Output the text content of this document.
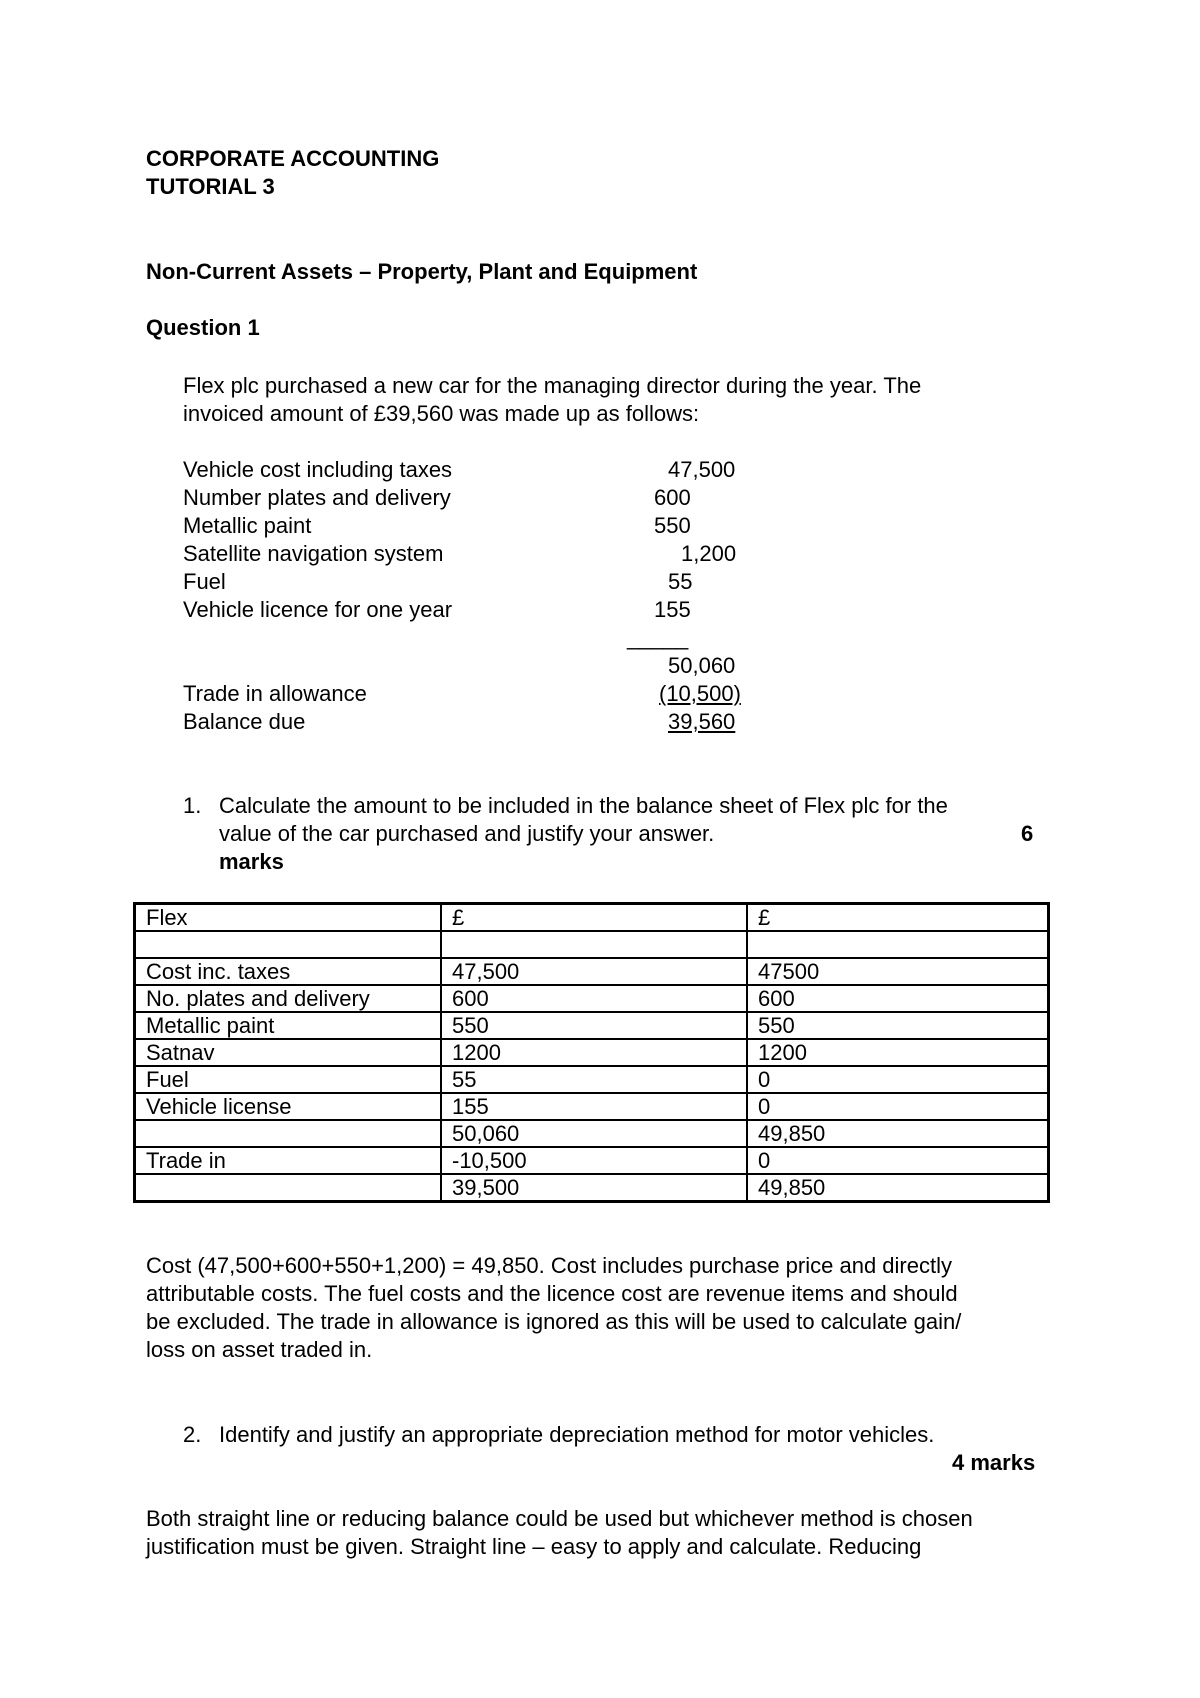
CORPORATE ACCOUNTING
TUTORIAL 3
Non-Current Assets – Property, Plant and Equipment
Question 1
Flex plc purchased a new car for the managing director during the year. The
invoiced amount of £39,560 was made up as follows:
Vehicle cost including taxes	47,500
Number plates and delivery	600
Metallic paint	550
Satellite navigation system	1,200
Fuel	55
Vehicle licence for one year	155
_____
50,060
Trade in allowance	(10,500)
Balance due	39,560
1. Calculate the amount to be included in the balance sheet of Flex plc for the
value of the car purchased and justify your answer.	6
marks
Flex	£	£

Cost inc. taxes	47,500	47500
No. plates and delivery	600	600
Metallic paint	550	550
Satnav	1200	1200
Fuel	55	0
Vehicle license	155	0
	50,060	49,850
Trade in	-10,500	0
	39,500	49,850
Cost (47,500+600+550+1,200) = 49,850. Cost includes purchase price and directly
attributable costs. The fuel costs and the licence cost are revenue items and should
be excluded. The trade in allowance is ignored as this will be used to calculate gain/
loss on asset traded in.
2. Identify and justify an appropriate depreciation method for motor vehicles.
4 marks
Both straight line or reducing balance could be used but whichever method is chosen
justification must be given. Straight line – easy to apply and calculate. Reducing
